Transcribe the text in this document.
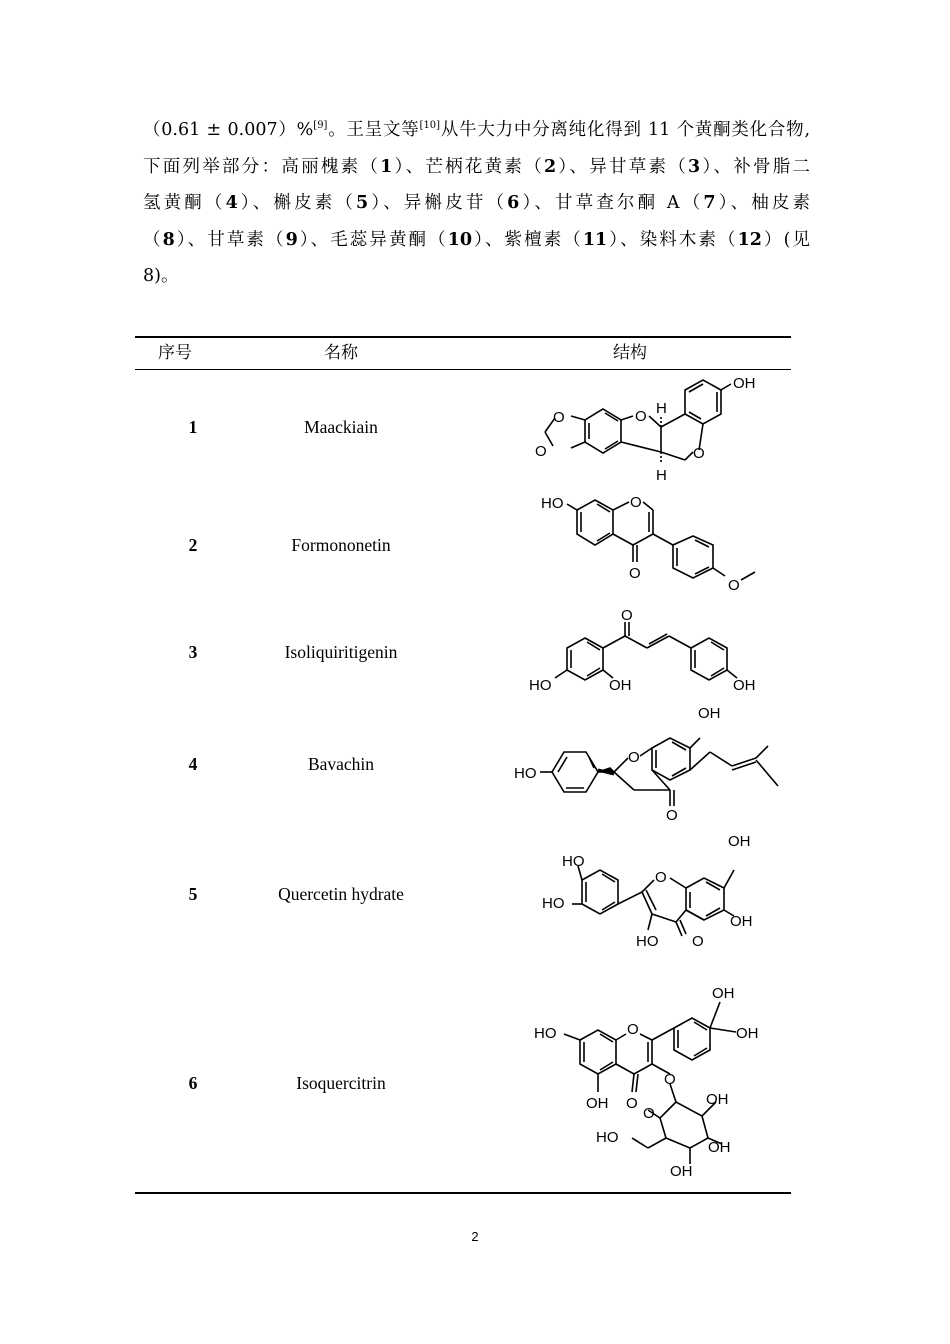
（0.61 ± 0.007）%[9]。王呈文等[10]从牛大力中分离纯化得到 11 个黄酮类化合物,
下面列举部分：高丽槐素（1）、芒柄花黄素（2）、异甘草素（3）、补骨脂二
氢黄酮（4）、槲皮素（5）、异槲皮苷（6）、甘草查尔酮 A（7）、柚皮素
（8）、甘草素（9）、毛蕊异黄酮（10）、紫檀素（11）、染料木素（12）(见
8)。
序号	名称	结构
1	Maackiain	O
O
O
O
H
H
OH
2	Formononetin
HO	O
O
O
3	Isoliquiritigenin
O
HO	OH	OH
4	Bavachin	HO
O
O
OH
5	Quercetin hydrate
HO
HO
O
HO O
OH
OH
6	Isoquercitrin
HO	O
OH O
O
O
OH
OH
OH
HO
OH
OH
2
